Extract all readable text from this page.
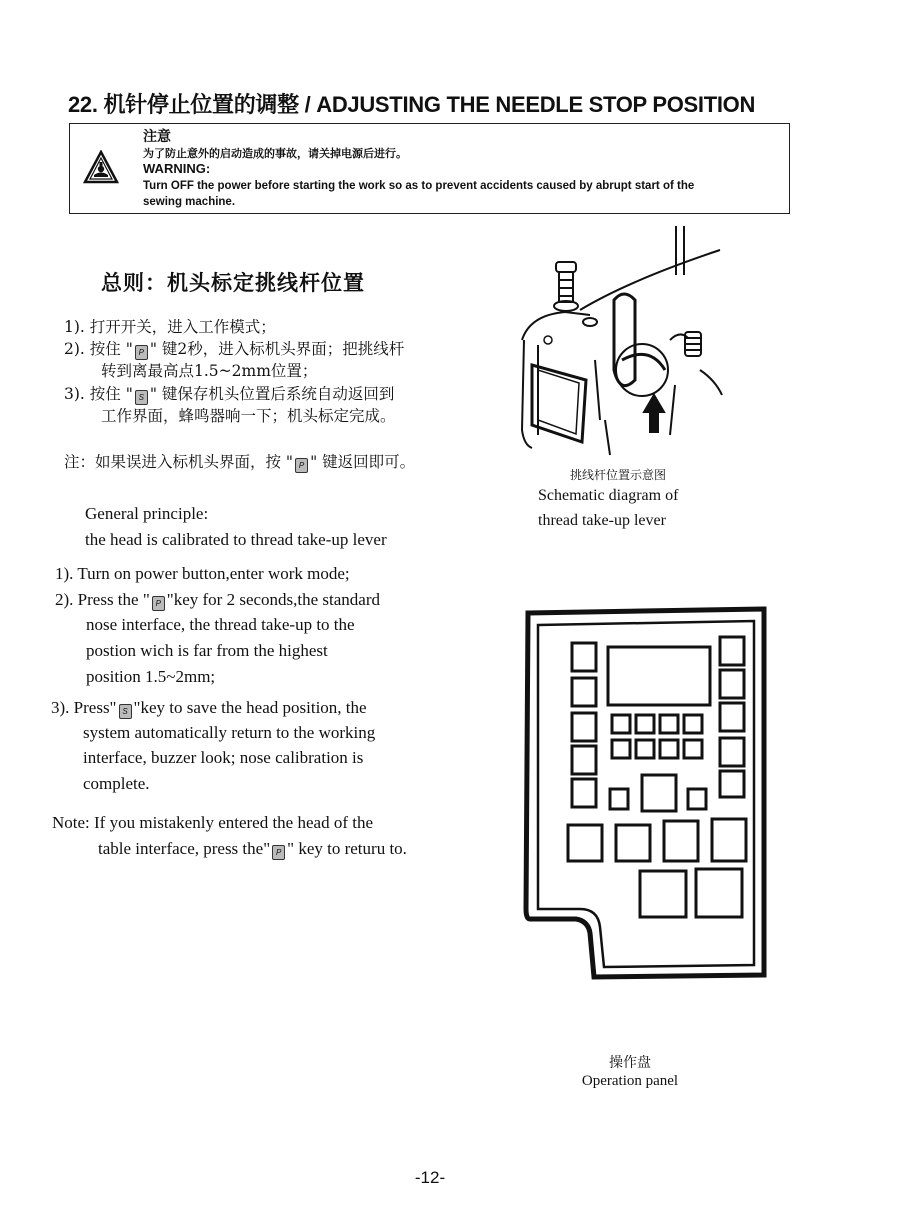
22. 机针停止位置的调整 / ADJUSTING THE NEEDLE STOP POSITION
注意
为了防止意外的启动造成的事故，请关掉电源后进行。
WARNING:
Turn OFF the power before starting the work so as to prevent accidents caused by abrupt start of the
sewing machine.
总则：机头标定挑线杆位置
1). 打开开关，进入工作模式；
2). 按住 " P " 键2秒，进入标机头界面；把挑线杆
转到离最高点1.5~2mm位置；
3). 按住 " S " 键保存机头位置后系统自动返回到
工作界面，蜂鸣器响一下；机头标定完成。
注：如果误进入标机头界面，按 " P " 键返回即可。
General principle:
the head is calibrated to thread take-up lever
1). Turn on power button,enter work mode;
2). Press the " P "key for 2 seconds,the standard
nose interface, the thread take-up to the
postion wich is far from the highest
position 1.5~2mm;
3). Press" S "key to save the head position, the
system automatically return to the working
interface, buzzer look; nose calibration is
complete.
Note: If you mistakenly entered the head of the
table interface, press the" P " key to returu to.
挑线杆位置示意图
Schematic diagram of
thread take-up lever
操作盘
Operation panel
-12-
